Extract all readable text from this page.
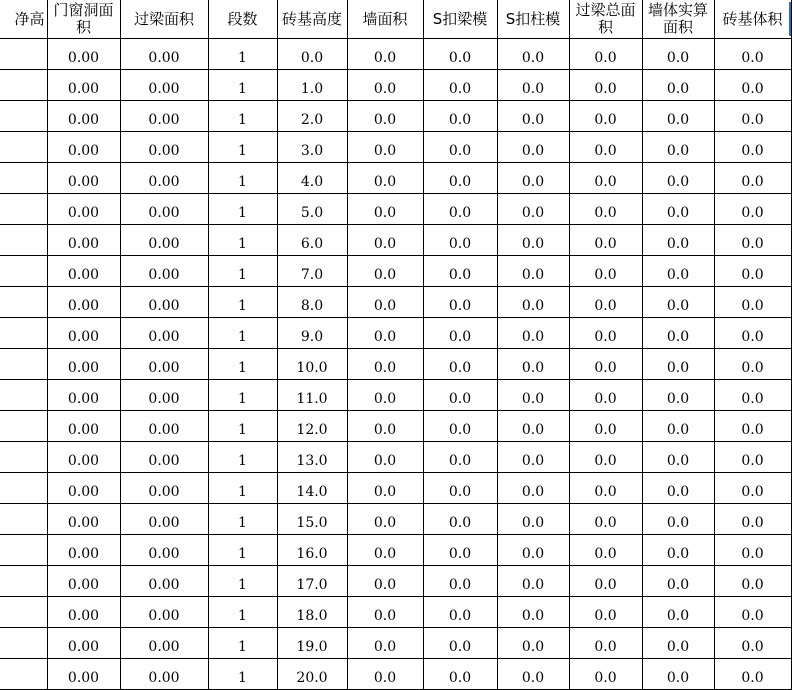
净高	门窗洞面积	过梁面积	段数	砖基高度	墙面积	S扣梁模	S扣柱模	过梁总面积	墙体实算面积	砖基体积
	0.00	0.00	1	0.0	0.0	0.0	0.0	0.0	0.0	0.0
	0.00	0.00	1	1.0	0.0	0.0	0.0	0.0	0.0	0.0
	0.00	0.00	1	2.0	0.0	0.0	0.0	0.0	0.0	0.0
	0.00	0.00	1	3.0	0.0	0.0	0.0	0.0	0.0	0.0
	0.00	0.00	1	4.0	0.0	0.0	0.0	0.0	0.0	0.0
	0.00	0.00	1	5.0	0.0	0.0	0.0	0.0	0.0	0.0
	0.00	0.00	1	6.0	0.0	0.0	0.0	0.0	0.0	0.0
	0.00	0.00	1	7.0	0.0	0.0	0.0	0.0	0.0	0.0
	0.00	0.00	1	8.0	0.0	0.0	0.0	0.0	0.0	0.0
	0.00	0.00	1	9.0	0.0	0.0	0.0	0.0	0.0	0.0
	0.00	0.00	1	10.0	0.0	0.0	0.0	0.0	0.0	0.0
	0.00	0.00	1	11.0	0.0	0.0	0.0	0.0	0.0	0.0
	0.00	0.00	1	12.0	0.0	0.0	0.0	0.0	0.0	0.0
	0.00	0.00	1	13.0	0.0	0.0	0.0	0.0	0.0	0.0
	0.00	0.00	1	14.0	0.0	0.0	0.0	0.0	0.0	0.0
	0.00	0.00	1	15.0	0.0	0.0	0.0	0.0	0.0	0.0
	0.00	0.00	1	16.0	0.0	0.0	0.0	0.0	0.0	0.0
	0.00	0.00	1	17.0	0.0	0.0	0.0	0.0	0.0	0.0
	0.00	0.00	1	18.0	0.0	0.0	0.0	0.0	0.0	0.0
	0.00	0.00	1	19.0	0.0	0.0	0.0	0.0	0.0	0.0
	0.00	0.00	1	20.0	0.0	0.0	0.0	0.0	0.0	0.0
